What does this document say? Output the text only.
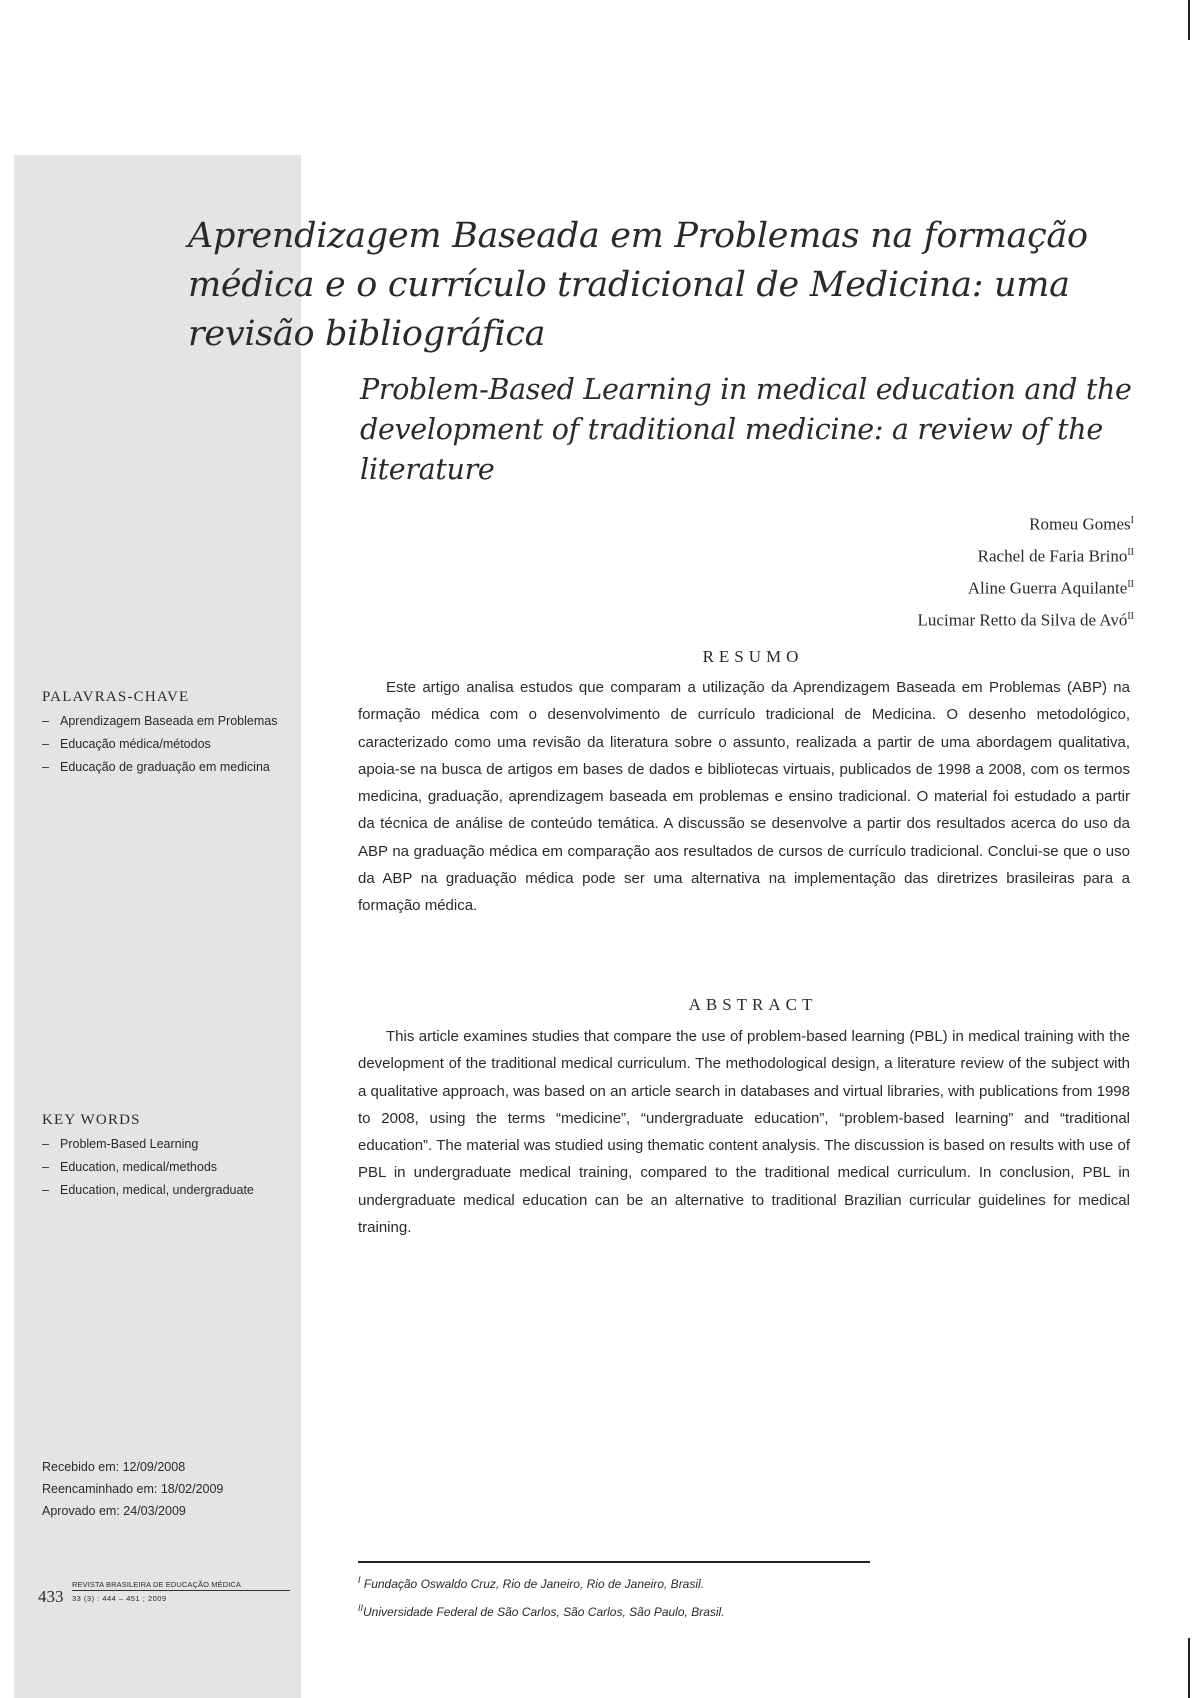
Aprendizagem Baseada em Problemas na formação médica e o currículo tradicional de Medicina: uma revisão bibliográfica
Problem-Based Learning in medical education and the development of traditional medicine: a review of the literature
Romeu Gomes$^I$
Rachel de Faria Brino$^{II}$
Aline Guerra Aquilante$^{II}$
Lucimar Retto da Silva de Avó$^{II}$
RESUMO

Este artigo analisa estudos que comparam a utilização da Aprendizagem Baseada em Problemas (ABP) na formação médica com o desenvolvimento de currículo tradicional de Medicina. O desenho metodológico, caracterizado como uma revisão da literatura sobre o assunto, realizada a partir de uma abordagem qualitativa, apoia-se na busca de artigos em bases de dados e bibliotecas virtuais, publicados de 1998 a 2008, com os termos medicina, graduação, aprendizagem baseada em problemas e ensino tradicional. O material foi estudado a partir da técnica de análise de conteúdo temática. A discussão se desenvolve a partir dos resultados acerca do uso da ABP na graduação médica em comparação aos resultados de cursos de currículo tradicional. Conclui-se que o uso da ABP na graduação médica pode ser uma alternativa na implementação das diretrizes brasileiras para a formação médica.

ABSTRACT

This article examines studies that compare the use of problem-based learning (PBL) in medical training with the development of the traditional medical curriculum. The methodological design, a literature review of the subject with a qualitative approach, was based on an article search in databases and virtual libraries, with publications from 1998 to 2008, using the terms “medicine”, “undergraduate education”, “problem-based learning” and “traditional education”. The material was studied using thematic content analysis. The discussion is based on results with use of PBL in undergraduate medical training, compared to the traditional medical curriculum. In conclusion, PBL in undergraduate medical education can be an alternative to traditional Brazilian curricular guidelines for medical training.

PALAVRAS-CHAVE
– Aprendizagem Baseada em Problemas
– Educação médica/métodos
– Educação de graduação em medicina
KEY WORDS
– Problem-Based Learning
– Education, medical/methods
– Education, medical, undergraduate
Recebido em: 12/09/2008
Reencaminhado em: 18/02/2009
Aprovado em: 24/03/2009
433
REVISTA BRASILEIRA DE EDUCAÇÃO MÉDICA
33 (3) : 444 – 451 ; 2009
$^I$ Fundação Oswaldo Cruz, Rio de Janeiro, Rio de Janeiro, Brasil.
$^{II}$Universidade Federal de São Carlos, São Carlos, São Paulo, Brasil.
